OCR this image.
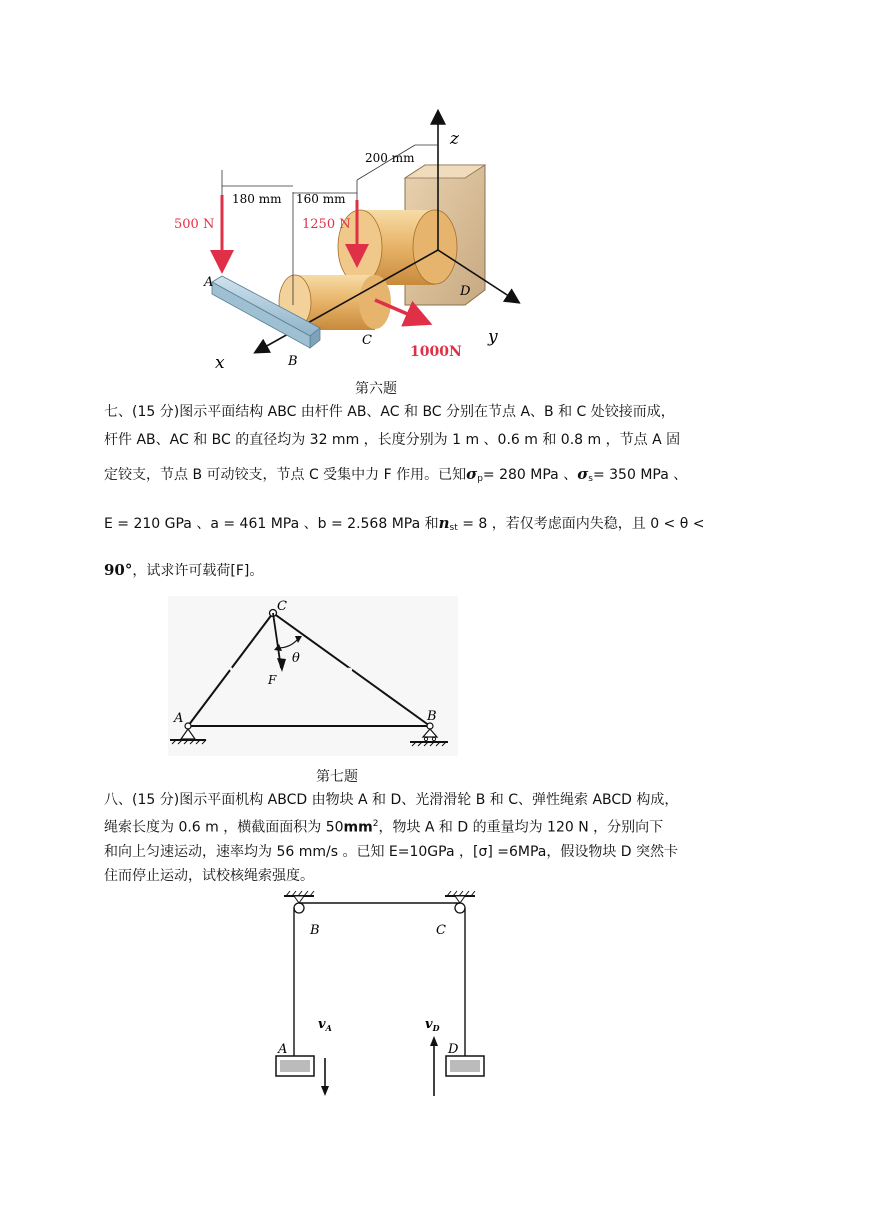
200 mm
180 mm 160 mm
500 N	1250 N
1000N
z
y
x
A
B
C
D
第六题
七、(15 分)图示平面结构 ABC 由杆件 AB、AC 和 BC 分别在节点 A、B 和 C 处铰接而成，
杆件 AB、AC 和 BC 的直径均为 32 mm ，长度分别为 1 m 、0.6 m 和 0.8 m ，节点 A 固
定铰支，节点 B 可动铰支，节点 C 受集中力 F 作用。已知$\sigma_p= 280$ MPa 、$\sigma_s= 350$ MPa 、
E = 210 GPa 、a = 461 MPa 、b = 2.568 MPa 和$n_{st} = 8$ ，若仅考虑面内失稳，且 0 < θ <
90°，试求许可载荷[F]。
C
θ
F
A	B
第七题
八、(15 分)图示平面机构 ABCD 由物块 A 和 D、光滑滑轮 B 和 C、弹性绳索 ABCD 构成，
绳索长度为 0.6 m ，横截面面积为 $50mm^2$，物块 A 和 D 的重量均为 120 N ，分别向下
和向上匀速运动，速率均为 56 mm/s 。已知 E=10GPa ，[σ] =6MPa，假设物块 D 突然卡
住而停止运动，试校核绳索强度。
B	C
A	D
$v_A$	$v_D$
